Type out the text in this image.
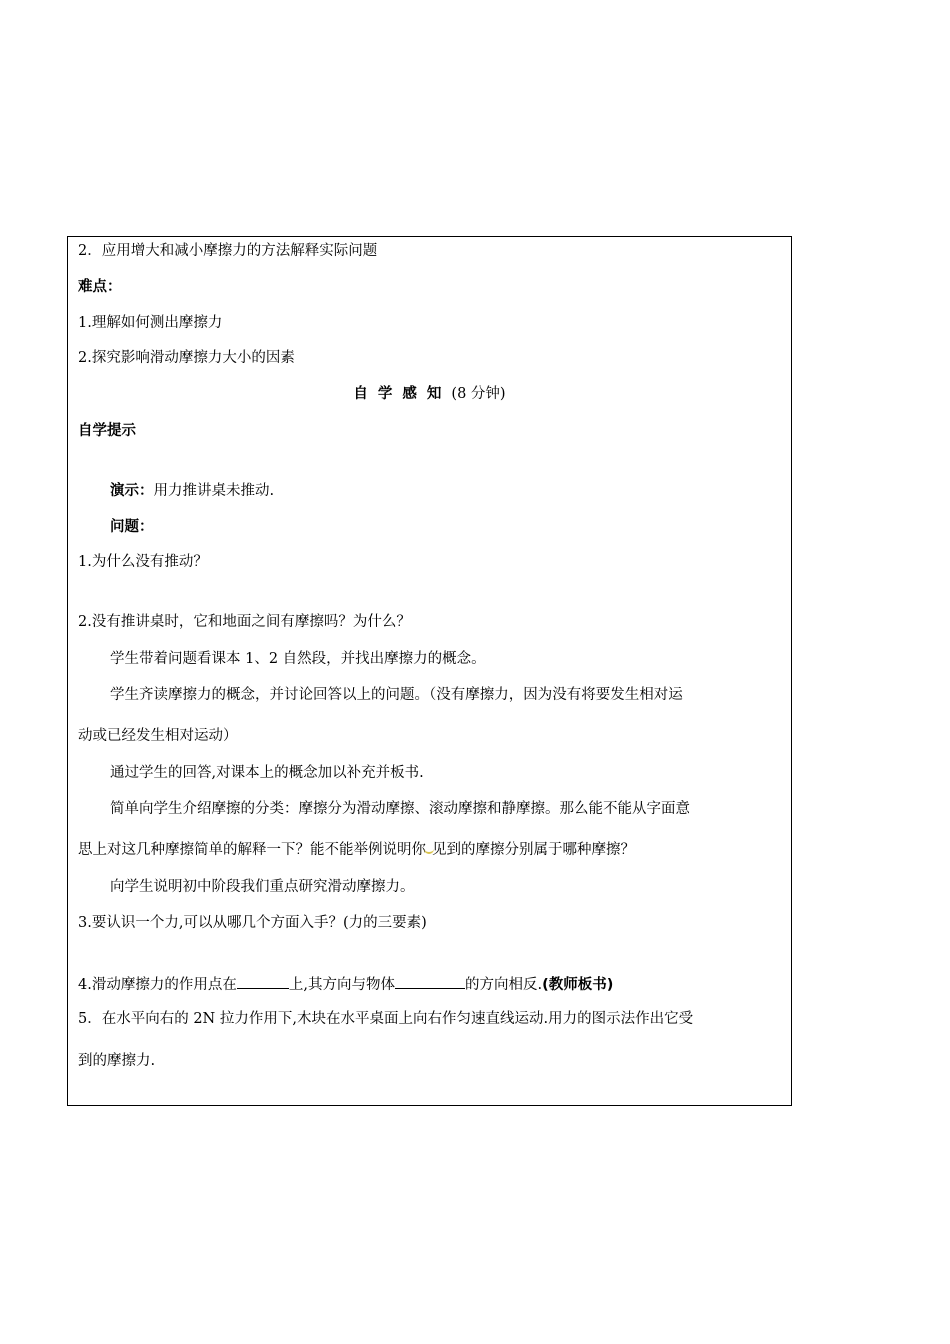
2．应用增大和减小摩擦力的方法解释实际问题
难点：
1.理解如何测出摩擦力
2.探究影响滑动摩擦力大小的因素
自学感知(8 分钟)
自学提示
演示：用力推讲桌未推动.
问题：
1.为什么没有推动？
2.没有推讲桌时，它和地面之间有摩擦吗？为什么？
学生带着问题看课本 1、2 自然段，并找出摩擦力的概念。
学生齐读摩擦力的概念，并讨论回答以上的问题。（没有摩擦力，因为没有将要发生相对运
动或已经发生相对运动）
通过学生的回答,对课本上的概念加以补充并板书.
简单向学生介绍摩擦的分类：摩擦分为滑动摩擦、滚动摩擦和静摩擦。那么能不能从字面意
思上对这几种摩擦简单的解释一下？能不能举例说明你 见到的摩擦分别属于哪种摩擦？
向学生说明初中阶段我们重点研究滑动摩擦力。
3.要认识一个力,可以从哪几个方面入手？(力的三要素)
4.滑动摩擦力的作用点在	上,其方向与物体	的方向相反.(教师板书)
5．在水平向右的 2N 拉力作用下,木块在水平桌面上向右作匀速直线运动.用力的图示法作出它受
到的摩擦力.
